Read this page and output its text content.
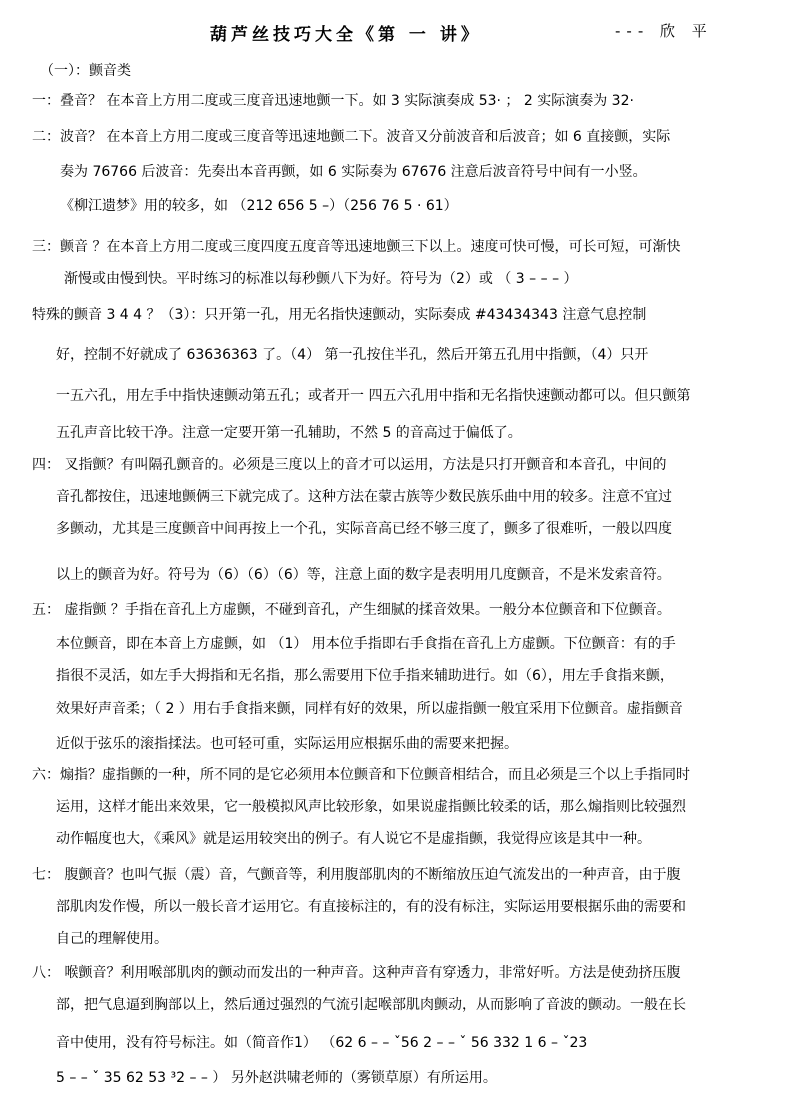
葫芦丝技巧大全《第 一 讲》	--- 欣 平
（一）：颤音类
一：叠音？ 在本音上方用二度或三度音迅速地颤一下。如 3 实际演奏成 53· ； 2 实际演奏为 32·
二：波音？ 在本音上方用二度或三度音等迅速地颤二下。波音又分前波音和后波音；如 6 直接颤，实际
奏为 76766 后波音：先奏出本音再颤，如 6 实际奏为 67676 注意后波音符号中间有一小竖。
《柳江遗梦》用的较多，如 （212 656 5 –）（256 76 5 · 61）
三：颤音 ？在本音上方用二度或三度四度五度音等迅速地颤三下以上。速度可快可慢，可长可短，可渐快
渐慢或由慢到快。平时练习的标准以每秒颤八下为好。符号为（2）或 （ 3 – – – ）
特殊的颤音 3 4 4 ？（3）：只开第一孔，用无名指快速颤动，实际奏成 #43434343 注意气息控制
好，控制不好就成了 63636363 了。（4） 第一孔按住半孔，然后开第五孔用中指颤，（4）只开
一五六孔，用左手中指快速颤动第五孔；或者开一 四五六孔用中指和无名指快速颤动都可以。但只颤第
五孔声音比较干净。注意一定要开第一孔辅助，不然 5 的音高过于偏低了。
四： 叉指颤？有叫隔孔颤音的。必须是三度以上的音才可以运用，方法是只打开颤音和本音孔，中间的
音孔都按住，迅速地颤俩三下就完成了。这种方法在蒙古族等少数民族乐曲中用的较多。注意不宜过
多颤动，尤其是三度颤音中间再按上一个孔，实际音高已经不够三度了，颤多了很难听，一般以四度
以上的颤音为好。符号为（6）（6）（6）等，注意上面的数字是表明用几度颤音，不是米发索音符。
五： 虚指颤 ？手指在音孔上方虚颤，不碰到音孔，产生细腻的揉音效果。一般分本位颤音和下位颤音。
本位颤音，即在本音上方虚颤，如 （1） 用本位手指即右手食指在音孔上方虚颤。下位颤音：有的手
指很不灵活，如左手大拇指和无名指，那么需要用下位手指来辅助进行。如（6），用左手食指来颤，
效果好声音柔；（ 2 ）用右手食指来颤，同样有好的效果，所以虚指颤一般宜采用下位颤音。虚指颤音
近似于弦乐的滚指揉法。也可轻可重，实际运用应根据乐曲的需要来把握。
六：煽指？虚指颤的一种，所不同的是它必须用本位颤音和下位颤音相结合，而且必须是三个以上手指同时
运用，这样才能出来效果，它一般模拟风声比较形象，如果说虚指颤比较柔的话，那么煽指则比较强烈
动作幅度也大，《乘风》就是运用较突出的例子。有人说它不是虚指颤，我觉得应该是其中一种。
七： 腹颤音？也叫气振（震）音，气颤音等，利用腹部肌肉的不断缩放压迫气流发出的一种声音，由于腹
部肌肉发作慢，所以一般长音才运用它。有直接标注的，有的没有标注，实际运用要根据乐曲的需要和
自己的理解使用。
八： 喉颤音？利用喉部肌肉的颤动而发出的一种声音。这种声音有穿透力，非常好听。方法是使劲挤压腹
部，把气息逼到胸部以上，然后通过强烈的气流引起喉部肌肉颤动，从而影响了音波的颤动。一般在长
音中使用，没有符号标注。如（简音作1） （62 6 – – ˇ56 2 – – ˇ 56 332 1 6 – ˇ23
5 – – ˇ 35 62 53 ³2 – – ） 另外赵洪啸老师的（雾锁草原）有所运用。
